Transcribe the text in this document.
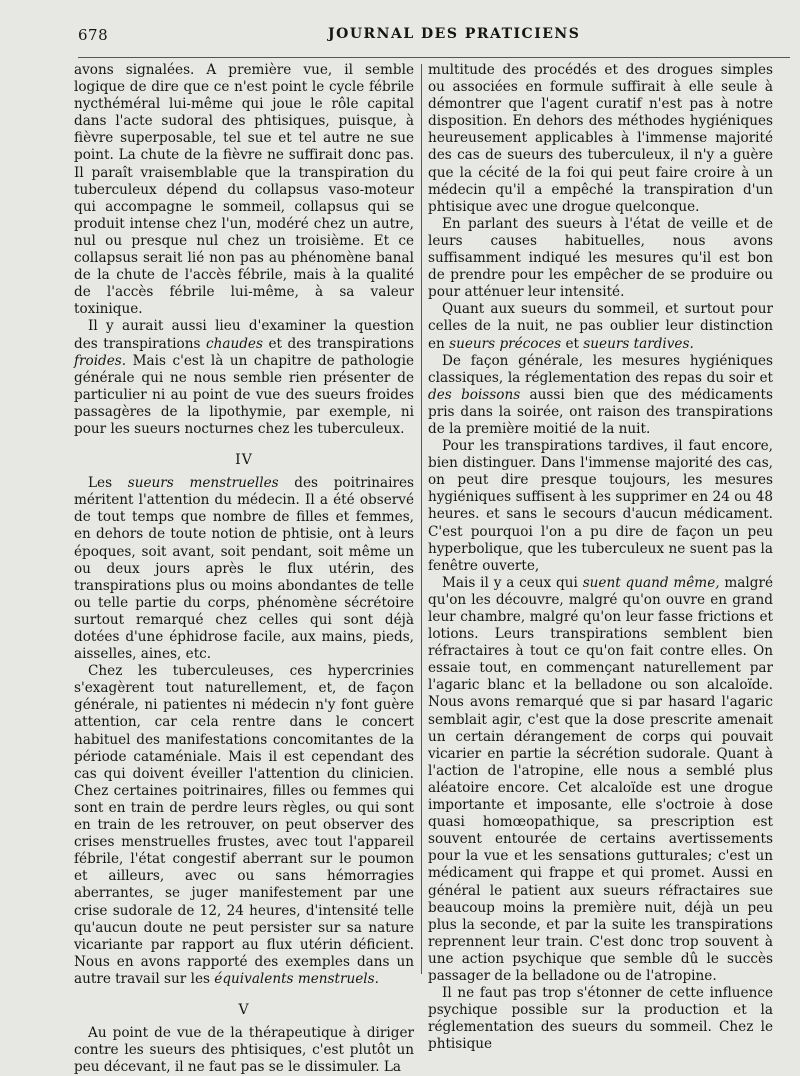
678	JOURNAL DES PRATICIENS

avons signalées. A première vue, il semble logique de dire que ce n'est point le cycle fébrile nycthéméral lui-même qui joue le rôle capital dans l'acte sudoral des phtisiques, puisque, à fièvre superposable, tel sue et tel autre ne sue point. La chute de la fièvre ne suffirait donc pas. Il paraît vraisemblable que la transpiration du tuberculeux dépend du collapsus vaso-moteur qui accompagne le sommeil, collapsus qui se produit intense chez l'un, modéré chez un autre, nul ou presque nul chez un troisième. Et ce collapsus serait lié non pas au phénomène banal de la chute de l'accès fébrile, mais à la qualité de l'accès fébrile lui-même, à sa valeur toxinique.

Il y aurait aussi lieu d'examiner la question des transpirations chaudes et des transpirations froides. Mais c'est là un chapitre de pathologie générale qui ne nous semble rien présenter de particulier ni au point de vue des sueurs froides passagères de la lipothymie, par exemple, ni pour les sueurs nocturnes chez les tuberculeux.

IV

Les sueurs menstruelles des poitrinaires méritent l'attention du médecin. Il a été observé de tout temps que nombre de filles et femmes, en dehors de toute notion de phtisie, ont à leurs époques, soit avant, soit pendant, soit même un ou deux jours après le flux utérin, des transpirations plus ou moins abondantes de telle ou telle partie du corps, phénomène sécrétoire surtout remarqué chez celles qui sont déjà dotées d'une éphidrose facile, aux mains, pieds, aisselles, aines, etc.

Chez les tuberculeuses, ces hypercrinies s'exagèrent tout naturellement, et, de façon générale, ni patientes ni médecin n'y font guère attention, car cela rentre dans le concert habituel des manifestations concomitantes de la période cataméniale. Mais il est cependant des cas qui doivent éveiller l'attention du clinicien. Chez certaines poitrinaires, filles ou femmes qui sont en train de perdre leurs règles, ou qui sont en train de les retrouver, on peut observer des crises menstruelles frustes, avec tout l'appareil fébrile, l'état congestif aberrant sur le poumon et ailleurs, avec ou sans hémorragies aberrantes, se juger manifestement par une crise sudorale de 12, 24 heures, d'intensité telle qu'aucun doute ne peut persister sur sa nature vicariante par rapport au flux utérin déficient. Nous en avons rapporté des exemples dans un autre travail sur les équivalents menstruels.

V

Au point de vue de la thérapeutique à diriger contre les sueurs des phtisiques, c'est plutôt un peu décevant, il ne faut pas se le dissimuler. La

multitude des procédés et des drogues simples ou associées en formule suffirait à elle seule à démontrer que l'agent curatif n'est pas à notre disposition. En dehors des méthodes hygiéniques heureusement applicables à l'immense majorité des cas de sueurs des tuberculeux, il n'y a guère que la cécité de la foi qui peut faire croire à un médecin qu'il a empêché la transpiration d'un phtisique avec une drogue quelconque.

En parlant des sueurs à l'état de veille et de leurs causes habituelles, nous avons suffisamment indiqué les mesures qu'il est bon de prendre pour les empêcher de se produire ou pour atténuer leur intensité.

Quant aux sueurs du sommeil, et surtout pour celles de la nuit, ne pas oublier leur distinction en sueurs précoces et sueurs tardives.

De façon générale, les mesures hygiéniques classiques, la réglementation des repas du soir et des boissons aussi bien que des médicaments pris dans la soirée, ont raison des transpirations de la première moitié de la nuit.

Pour les transpirations tardives, il faut encore, bien distinguer. Dans l'immense majorité des cas, on peut dire presque toujours, les mesures hygiéniques suffisent à les supprimer en 24 ou 48 heures. et sans le secours d'aucun médicament. C'est pourquoi l'on a pu dire de façon un peu hyperbolique, que les tuberculeux ne suent pas la fenêtre ouverte,

Mais il y a ceux qui suent quand même, malgré qu'on les découvre, malgré qu'on ouvre en grand leur chambre, malgré qu'on leur fasse frictions et lotions. Leurs transpirations semblent bien réfractaires à tout ce qu'on fait contre elles. On essaie tout, en commençant naturellement par l'agaric blanc et la belladone ou son alcaloïde. Nous avons remarqué que si par hasard l'agaric semblait agir, c'est que la dose prescrite amenait un certain dérangement de corps qui pouvait vicarier en partie la sécrétion sudorale. Quant à l'action de l'atropine, elle nous a semblé plus aléatoire encore. Cet alcaloïde est une drogue importante et imposante, elle s'octroie à dose quasi homœopathique, sa prescription est souvent entourée de certains avertissements pour la vue et les sensations gutturales; c'est un médicament qui frappe et qui promet. Aussi en général le patient aux sueurs réfractaires sue beaucoup moins la première nuit, déjà un peu plus la seconde, et par la suite les transpirations reprennent leur train. C'est donc trop souvent à une action psychique que semble dû le succès passager de la belladone ou de l'atropine.

Il ne faut pas trop s'étonner de cette influence psychique possible sur la production et la réglementation des sueurs du sommeil. Chez le phtisique
